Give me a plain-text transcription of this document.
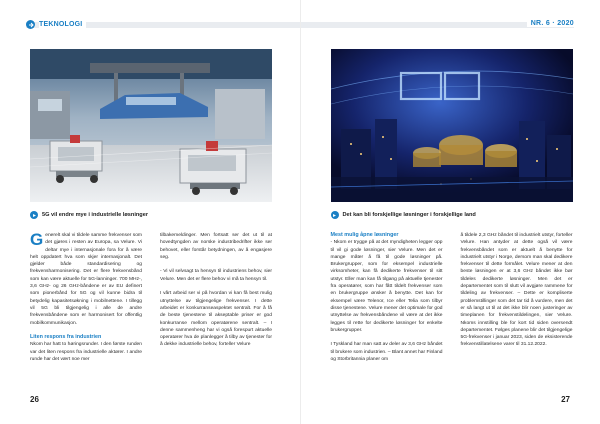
TEKNOLOGI
5G vil endre mye i industrielle løsninger

Generelt skal vi tildele samme frekvenser som det gjøres i resten av Europa, sa Velure. Vi deltar mye i internasjonale fora for å være helt oppdatert hva som skjer internasjonalt. Det gjelder både standardisering og frekvensharmonisering. Det er flere frekvensbånd som kan være aktuelle for 5G-lanninger. 700 MHz-, 3,6 GHz- og 26 GHz-båndene er av EU definert som pionerbånd for 5G og vil kunne bidra til betydelig kapasitetsøkning i mobilnettene. I tillegg vil 5G bli tilgjengelig i alle de andre frekvensbåndene som er harmonisert for offentlig mobilkommunikasjon.

Liten respons fra industrien

Nkom har hatt to høringsrunder. I den første runden var det liten respons fra industrielle aktører. I andre runde har det vært noe mer

tilbakemeldinger. Men fortsatt ser det ut til at hovedtyngden av norske industribedrifter ikke ser behovet, eller forstår betydningen, av å engasjere seg.

- Vi vil selvsagt ta hensyn til industriens behov, sier Velure. Men det er flere behov vi må ta hensyn til.

I vårt arbeid ser vi på hvordan vi kan få best mulig utnyttelse av tilgjengelige frekvenser. I dette arbeidet er konkurranseaspektet sentralt. For å få de beste tjenestene til akseptable priser er god konkurranse mellom operatørene sentralt. – I denne sammenheng har vi også forespurt aktuelle operatører hva de planlegger å tilby av tjenester for å dekke industrielle behov, forteller Velure

26
NR. 6 · 2020
Det kan bli forskjellige løsninger i forskjellige land
Mest mulig åpne løsninger

- Nkom er trygge på at det myndigheten legger opp til vil gi gode løsninger, sier Velure. Men det er mange måter å få til gode løsninger på. Brukergrupper, som for eksempel industrielle virksomheter, kan få dedikerte frekvenser til sitt utstyr. Eller man kan få tilgang på aktuelle tjenester fra operatører, som har fått tildelt frekvenser som en brukergruppe ønsker å benytte. Det kan for eksempel være Telenor, Ice eller Telia som tilbyr disse tjenestene. Velure mener det optimale for god utnyttelse av frekvensbåndene vil være at det ikke legges til rette for dedikerte løsninger for enkelte brukergrupper.

I Tyskland har man satt av deler av 3,6 GHz båndet til brukere som industrien. – Blant annet har Finland og Storbritannia planer om

å tildele 2,3 GHz båndet til industrielt utstyr, forteller Velure. Han antyder at dette også vil være frekvensbåndet som er aktuelt å benytte for industrielt utstyr i Norge, dersom man skal dedikere frekvenser til dette formålet. Velure mener at den beste løsningen er at 3,6 GHz båndet ikke bør tildeles dedikerte løsninger. Men det er departementet som til slutt vil avgjøre rammene for tildeling av frekvenser. – Dette er kompliserte problemstillinger som det tar tid å vurdere, men det er så langt ut til at det ikke blir noen justeringer av timeplanen for frekvenstildelingen, sier Velure. Nkoms innstilling ble for kort tid siden oversendt departementet. Følges planene blir det tilgjengelige 5G-frekvenser i januar 2023, siden de eksisterende frekvenstillatelsene varer til 31.12.2022.

27
